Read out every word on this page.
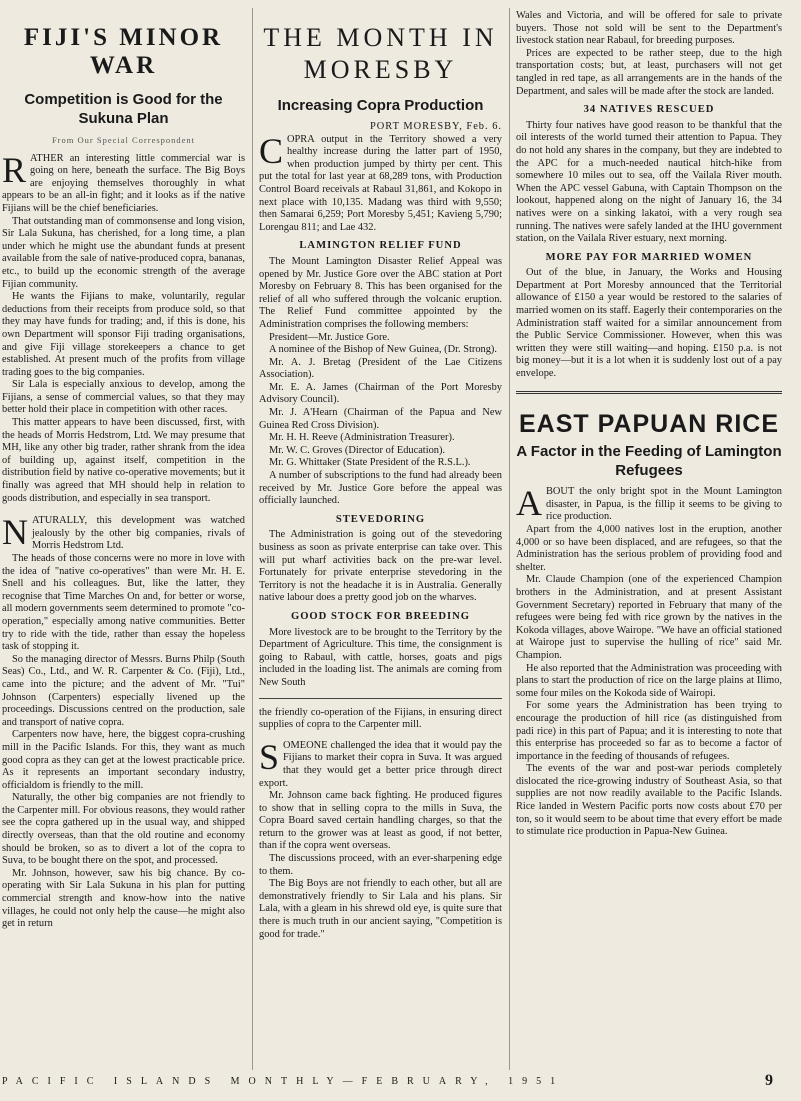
FIJI'S MINOR WAR
Competition is Good for the Sukuna Plan
From Our Special Correspondent

RATHER an interesting little commercial war is going on here, beneath the surface. The Big Boys are enjoying themselves thoroughly in what appears to be an all-in fight; and it looks as if the native Fijians will be the chief beneficiaries.

That outstanding man of commonsense and long vision, Sir Lala Sukuna, has cherished, for a long time, a plan under which he might use the abundant funds at present available from the sale of native-produced copra, bananas, etc., to build up the economic strength of the average Fijian community.

He wants the Fijians to make, voluntarily, regular deductions from their receipts from produce sold, so that they may have funds for trading; and, if this is done, his own Department will sponsor Fiji trading organisations, and give Fiji village storekeepers a chance to get established. At present much of the profits from village trading goes to the big companies.

Sir Lala is especially anxious to develop, among the Fijians, a sense of commercial values, so that they may better hold their place in competition with other races.

This matter appears to have been discussed, first, with the heads of Morris Hedstrom, Ltd. We may presume that MH, like any other big trader, rather shrank from the idea of building up, against itself, competition in the distribution field by native co-operative movements; but it finally was agreed that MH should help in relation to goods distribution, and especially in sea transport.

NATURALLY, this development was watched jealously by the other big companies, rivals of Morris Hedstrom Ltd.

The heads of those concerns were no more in love with the idea of "native co-operatives" than were Mr. H. E. Snell and his colleagues. But, like the latter, they recognise that Time Marches On and, for better or worse, all modern governments seem determined to promote "co-operation," especially among native communities. Better try to ride with the tide, rather than essay the hopeless task of stopping it.

So the managing director of Messrs. Burns Philp (South Seas) Co., Ltd., and W. R. Carpenter & Co. (Fiji), Ltd., came into the picture; and the advent of Mr. "Tui" Johnson (Carpenters) especially livened up the proceedings. Discussions centred on the production, sale and transport of native copra.

Carpenters now have, here, the biggest copra-crushing mill in the Pacific Islands. For this, they want as much good copra as they can get at the lowest practicable price. As it represents an important secondary industry, officialdom is friendly to the mill.

Naturally, the other big companies are not friendly to the Carpenter mill. For obvious reasons, they would rather see the copra gathered up in the usual way, and shipped directly overseas, than that the old routine and economy should be broken, so as to divert a lot of the copra to Suva, to be bought there on the spot, and processed.

Mr. Johnson, however, saw his big chance. By co-operating with Sir Lala Sukuna in his plan for putting commercial strength and know-how into the native villages, he could not only help the cause—he might also get in return

THE MONTH IN MORESBY
Increasing Copra Production
PORT MORESBY, Feb. 6.

COPRA output in the Territory showed a very healthy increase during the latter part of 1950, when production jumped by thirty per cent. This put the total for last year at 68,289 tons, with Production Control Board receivals at Rabaul 31,861, and Kokopo in next place with 10,135. Madang was third with 9,550; then Samarai 6,259; Port Moresby 5,451; Kavieng 5,790; Lorengau 811; and Lae 432.

LAMINGTON RELIEF FUND

The Mount Lamington Disaster Relief Appeal was opened by Mr. Justice Gore over the ABC station at Port Moresby on February 8. This has been organised for the relief of all who suffered through the volcanic eruption. The Relief Fund committee appointed by the Administration comprises the following members:

President—Mr. Justice Gore.

A nominee of the Bishop of New Guinea, (Dr. Strong).

Mr. A. J. Bretag (President of the Lae Citizens Association).

Mr. E. A. James (Chairman of the Port Moresby Advisory Council).

Mr. J. A'Hearn (Chairman of the Papua and New Guinea Red Cross Division).

Mr. H. H. Reeve (Administration Treasurer).

Mr. W. C. Groves (Director of Education).

Mr. G. Whittaker (State President of the R.S.L.).

A number of subscriptions to the fund had already been received by Mr. Justice Gore before the appeal was officially launched.

STEVEDORING

The Administration is going out of the stevedoring business as soon as private enterprise can take over. This will put wharf activities back on the pre-war level. Fortunately for private enterprise stevedoring in the Territory is not the headache it is in Australia. Generally native labour does a pretty good job on the wharves.

GOOD STOCK FOR BREEDING

More livestock are to be brought to the Territory by the Department of Agriculture. This time, the consignment is going to Rabaul, with cattle, horses, goats and pigs included in the loading list. The animals are coming from New South

the friendly co-operation of the Fijians, in ensuring direct supplies of copra to the Carpenter mill.

SOMEONE challenged the idea that it would pay the Fijians to market their copra in Suva. It was argued that they would get a better price through direct export.

Mr. Johnson came back fighting. He produced figures to show that in selling copra to the mills in Suva, the Copra Board saved certain handling charges, so that the return to the grower was at least as good, if not better, than if the copra went overseas.

The discussions proceed, with an ever-sharpening edge to them.

The Big Boys are not friendly to each other, but all are demonstratively friendly to Sir Lala and his plans. Sir Lala, with a gleam in his shrewd old eye, is quite sure that there is much truth in our ancient saying, "Competition is good for trade."

Wales and Victoria, and will be offered for sale to private buyers. Those not sold will be sent to the Department's livestock station near Rabaul, for breeding purposes.

Prices are expected to be rather steep, due to the high transportation costs; but, at least, purchasers will not get tangled in red tape, as all arrangements are in the hands of the Department, and sales will be made after the stock are landed.

34 NATIVES RESCUED

Thirty four natives have good reason to be thankful that the oil interests of the world turned their attention to Papua. They do not hold any shares in the company, but they are indebted to the APC for a much-needed nautical hitch-hike from somewhere 10 miles out to sea, off the Vailala River mouth. When the APC vessel Gabuna, with Captain Thompson on the lookout, happened along on the night of January 16, the 34 natives were on a sinking lakatoi, with a very rough sea running. The natives were safely landed at the IHU government station, on the Vailala River estuary, next morning.

MORE PAY FOR MARRIED WOMEN

Out of the blue, in January, the Works and Housing Department at Port Moresby announced that the Territorial allowance of £150 a year would be restored to the salaries of married women on its staff. Eagerly their contemporaries on the Administration staff waited for a similar announcement from the Public Service Commissioner. However, when this was written they were still waiting—and hoping. £150 p.a. is not big money—but it is a lot when it is suddenly lost out of a pay envelope.

EAST PAPUAN RICE
A Factor in the Feeding of Lamington Refugees

ABOUT the only bright spot in the Mount Lamington disaster, in Papua, is the fillip it seems to be giving to rice production.

Apart from the 4,000 natives lost in the eruption, another 4,000 or so have been displaced, and are refugees, so that the Administration has the serious problem of providing food and shelter.

Mr. Claude Champion (one of the experienced Champion brothers in the Administration, and at present Assistant Government Secretary) reported in February that many of the refugees were being fed with rice grown by the natives in the Kokoda villages, above Wairope. "We have an official stationed at Wairope just to supervise the hulling of rice" said Mr. Champion.

He also reported that the Administration was proceeding with plans to start the production of rice on the large plains at Ilimo, some four miles on the Kokoda side of Wairopi.

For some years the Administration has been trying to encourage the production of hill rice (as distinguished from padi rice) in this part of Papua; and it is interesting to note that this enterprise has proceeded so far as to become a factor of importance in the feeding of thousands of refugees.

The events of the war and post-war periods completely dislocated the rice-growing industry of Southeast Asia, so that supplies are not now readily available to the Pacific Islands. Rice landed in Western Pacific ports now costs about £70 per ton, so it would seem to be about time that every effort be made to stimulate rice production in Papua-New Guinea.

PACIFIC ISLANDS MONTHLY—FEBRUARY, 1951	9
